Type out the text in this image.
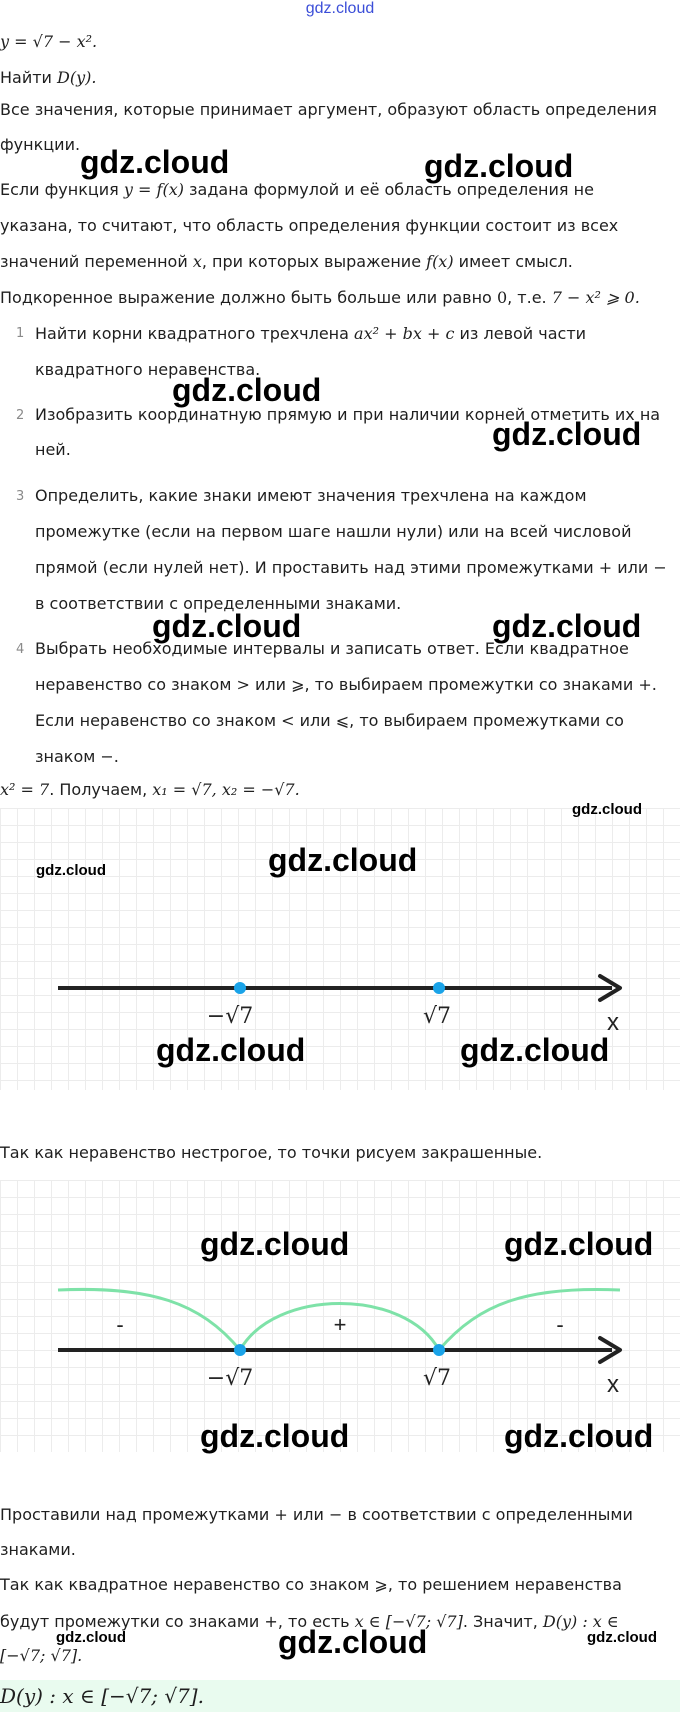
gdz.cloud
y = √7 − x².
Найти D(y).
Все значения, которые принимает аргумент, образуют область определения
функции.
Если функция y = f(x) задана формулой и её область определения не
указана, то считают, что область определения функции состоит из всех
значений переменной x, при которых выражение f(x) имеет смысл.
Подкоренное выражение должно быть больше или равно 0, т.е. 7 − x² ⩾ 0.
1 Найти корни квадратного трехчлена ax² + bx + c из левой части
квадратного неравенства.
2 Изобразить координатную прямую и при наличии корней отметить их на
ней.
3 Определить, какие знаки имеют значения трехчлена на каждом
промежутке (если на первом шаге нашли нули) или на всей числовой
прямой (если нулей нет). И проставить над этими промежутками + или −
в соответствии с определенными знаками.
4 Выбрать необходимые интервалы и записать ответ. Если квадратное
неравенство со знаком > или ⩾, то выбираем промежутки со знаками +.
Если неравенство со знаком < или ⩽, то выбираем промежутками со
знаком −.
x² = 7. Получаем, x₁ = √7, x₂ = −√7.
−√7	√7	x
Так как неравенство нестрогое, то точки рисуем закрашенные.
-	+	-
−√7	√7	x
Проставили над промежутками + или − в соответствии с определенными
знаками.
Так как квадратное неравенство со знаком ⩾, то решением неравенства
будут промежутки со знаками +, то есть x ∈ [−√7; √7]. Значит, D(y) : x ∈
[−√7; √7].
D(y) : x ∈ [−√7; √7].
gdz.cloud	gdz.cloud
gdz.cloud
gdz.cloud
gdz.cloud	gdz.cloud
gdz.cloud
gdz.cloud	gdz.cloud
gdz.cloud	gdz.cloud
gdz.cloud	gdz.cloud
gdz.cloud	gdz.cloud
gdz.cloud	gdz.cloud	gdz.cloud
